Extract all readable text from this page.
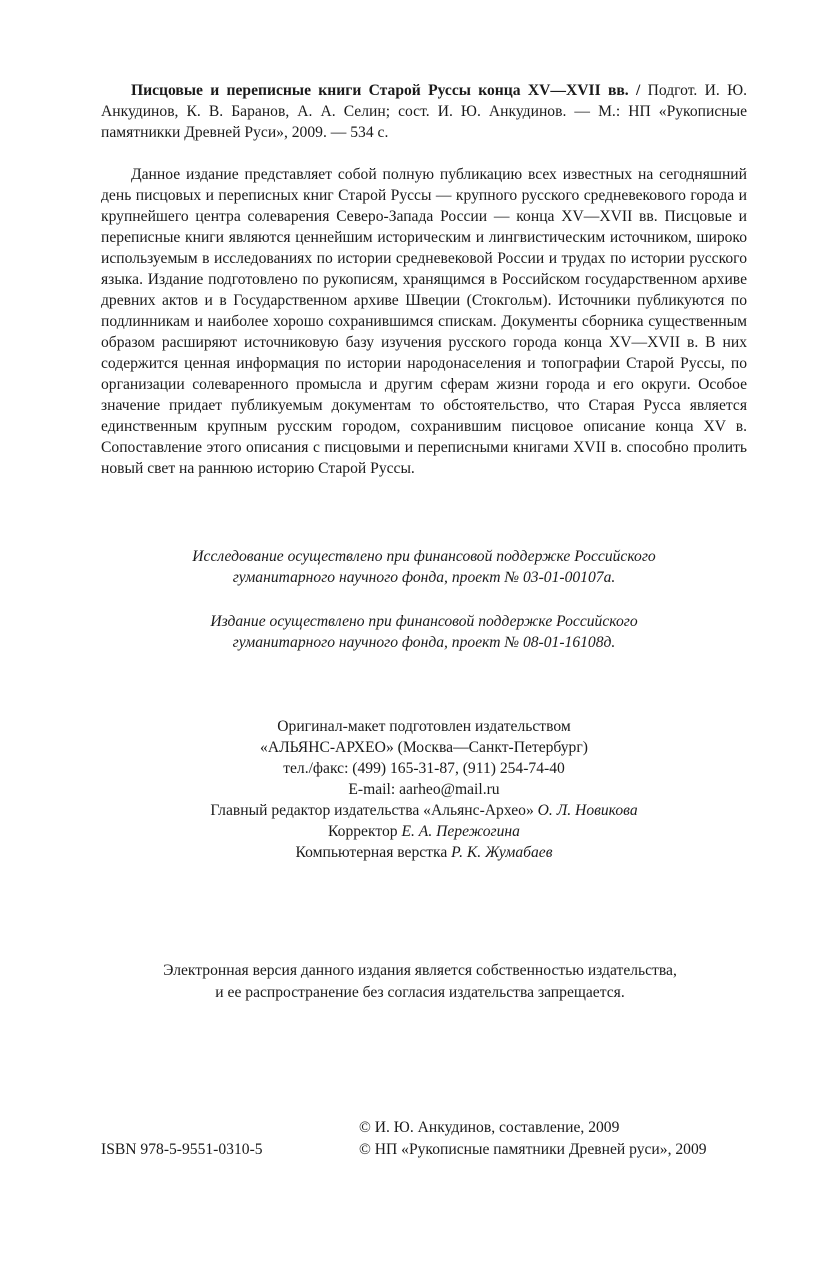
Писцовые и переписные книги Старой Руссы конца XV—XVII вв. / Подгот. И. Ю. Анкудинов, К. В. Баранов, А. А. Селин; сост. И. Ю. Анкудинов. — М.: НП «Рукописные памятникки Древней Руси», 2009. — 534 с.

Данное издание представляет собой полную публикацию всех известных на сегодняшний день писцовых и переписных книг Старой Руссы — крупного русского средневекового города и крупнейшего центра солеварения Северо-Запада России — конца XV—XVII вв. Писцовые и переписные книги являются ценнейшим историческим и лингвистическим источником, широко используемым в исследованиях по истории средневековой России и трудах по истории русского языка. Издание подготовлено по рукописям, хранящимся в Российском государственном архиве древних актов и в Государственном архиве Швеции (Стокгольм). Источники публикуются по подлинникам и наиболее хорошо сохранившимся спискам. Документы сборника существенным образом расширяют источниковую базу изучения русского города конца XV—XVII в. В них содержится ценная информация по истории народонаселения и топографии Старой Руссы, по организации солеваренного промысла и другим сферам жизни города и его округи. Особое значение придает публикуемым документам то обстоятельство, что Старая Русса является единственным крупным русским городом, сохранившим писцовое описание конца XV в. Сопоставление этого описания с писцовыми и переписными книгами XVII в. способно пролить новый свет на раннюю историю Старой Руссы.

Исследование осуществлено при финансовой поддержке Российского
гуманитарного научного фонда, проект № 03-01-00107а.
Издание осуществлено при финансовой поддержке Российского
гуманитарного научного фонда, проект № 08-01-16108д.
Оригинал-макет подготовлен издательством
«АЛЬЯНС-АРХЕО» (Москва—Санкт-Петербург)
тел./факс: (499) 165-31-87, (911) 254-74-40
E-mail: aarheo@mail.ru
Главный редактор издательства «Альянс-Архео» О. Л. Новикова
Корректор Е. А. Пережогина
Компьютерная верстка Р. К. Жумабаев
Электронная версия данного издания является собственностью издательства,
и ее распространение без согласия издательства запрещается.
© И. Ю. Анкудинов, составление, 2009
© НП «Рукописные памятники Древней руси», 2009
ISBN 978-5-9551-0310-5
